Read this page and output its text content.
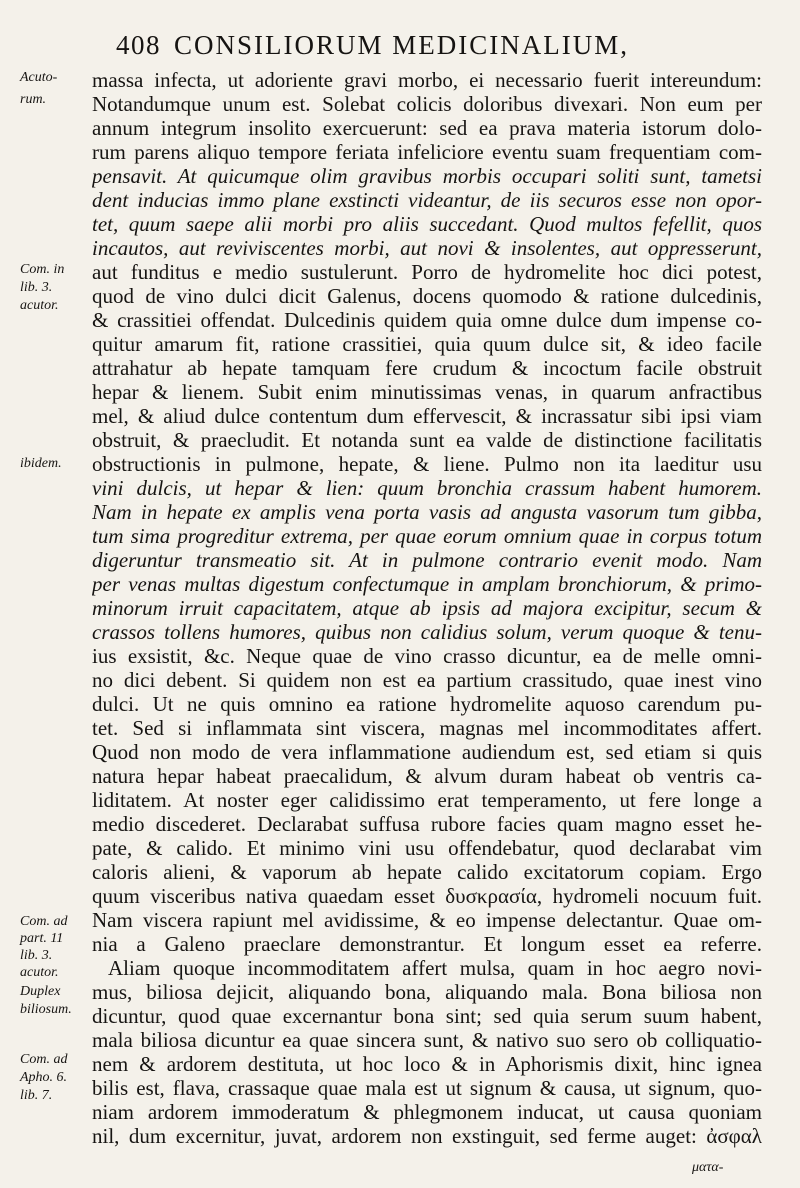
408 CONSILIORUM MEDICINALIUM,
Acuto-
rum.
Com. in
lib. 3.
acutor.
ibidem.
Com. ad
part. 11
lib. 3.
acutor.
Duplex
biliosum.
Com. ad
Apho. 6.
lib. 7.
massa infecta, ut adoriente gravi morbo, ei necessario fuerit intereundum:
Notandumque unum est. Solebat colicis doloribus divexari. Non eum per
annum integrum insolito exercuerunt: sed ea prava materia istorum dolo-
rum parens aliquo tempore feriata infeliciore eventu suam frequentiam com-
pensavit. At quicumque olim gravibus morbis occupari soliti sunt, tametsi
dent inducias immo plane exstincti videantur, de iis securos esse non opor-
tet, quum saepe alii morbi pro aliis succedant. Quod multos fefellit, quos
incautos, aut reviviscentes morbi, aut novi & insolentes, aut oppresserunt,
aut funditus e medio sustulerunt. Porro de hydromelite hoc dici potest,
quod de vino dulci dicit Galenus, docens quomodo & ratione dulcedinis,
& crassitiei offendat. Dulcedinis quidem quia omne dulce dum impense co-
quitur amarum fit, ratione crassitiei, quia quum dulce sit, & ideo facile
attrahatur ab hepate tamquam fere crudum & incoctum facile obstruit
hepar & lienem. Subit enim minutissimas venas, in quarum anfractibus
mel, & aliud dulce contentum dum effervescit, & incrassatur sibi ipsi viam
obstruit, & praecludit. Et notanda sunt ea valde de distinctione facilitatis
obstructionis in pulmone, hepate, & liene. Pulmo non ita laeditur usu
vini dulcis, ut hepar & lien: quum bronchia crassum habent humorem.
Nam in hepate ex amplis vena porta vasis ad angusta vasorum tum gibba,
tum sima progreditur extrema, per quae eorum omnium quae in corpus totum
digeruntur transmeatio sit. At in pulmone contrario evenit modo. Nam
per venas multas digestum confectumque in amplam bronchiorum, & primo-
minorum irruit capacitatem, atque ab ipsis ad majora excipitur, secum &
crassos tollens humores, quibus non calidius solum, verum quoque & tenu-
ius exsistit, &c. Neque quae de vino crasso dicuntur, ea de melle omni-
no dici debent. Si quidem non est ea partium crassitudo, quae inest vino
dulci. Ut ne quis omnino ea ratione hydromelite aquoso carendum pu-
tet. Sed si inflammata sint viscera, magnas mel incommoditates affert.
Quod non modo de vera inflammatione audiendum est, sed etiam si quis
natura hepar habeat praecalidum, & alvum duram habeat ob ventris ca-
liditatem. At noster eger calidissimo erat temperamento, ut fere longe a
medio discederet. Declarabat suffusa rubore facies quam magno esset he-
pate, & calido. Et minimo vini usu offendebatur, quod declarabat vim
caloris alieni, & vaporum ab hepate calido excitatorum copiam. Ergo
quum visceribus nativa quaedam esset δυσκρασία, hydromeli nocuum fuit.
Nam viscera rapiunt mel avidissime, & eo impense delectantur. Quae om-
nia a Galeno praeclare demonstrantur. Et longum esset ea referre.
Aliam quoque incommoditatem affert mulsa, quam in hoc aegro novi-
mus, biliosa dejicit, aliquando bona, aliquando mala. Bona biliosa non
dicuntur, quod quae excernantur bona sint; sed quia serum suum habent,
mala biliosa dicuntur ea quae sincera sunt, & nativo suo sero ob colliquatio-
nem & ardorem destituta, ut hoc loco & in Aphorismis dixit, hinc ignea
bilis est, flava, crassaque quae mala est ut signum & causa, ut signum, quo-
niam ardorem immoderatum & phlegmonem inducat, ut causa quoniam
nil, dum excernitur, juvat, ardorem non exstinguit, sed ferme auget: ἀσφαλ
ματα-
